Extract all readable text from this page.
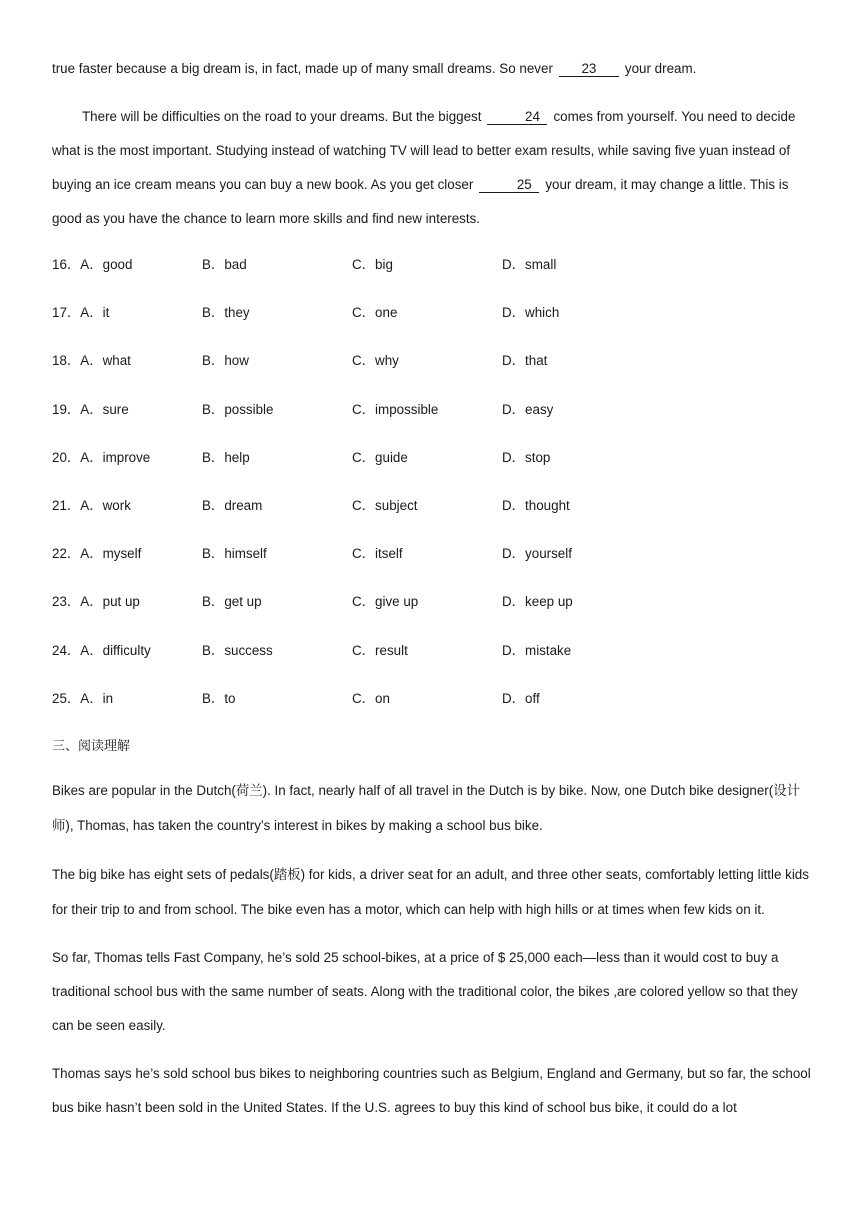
true faster because a big dream is, in fact, made up of many small dreams. So never 23 your dream.

There will be difficulties on the road to your dreams. But the biggest	24 comes from yourself. You need to decide what is the most important. Studying instead of watching TV will lead to better exam results, while saving five yuan instead of buying an ice cream means you can buy a new book. As you get closer	25 your dream, it may change a little. This is good as you have the chance to learn more skills and find new interests.

16．A．good	B．bad	C．big	D．small
17．A．it	B．they	C．one	D．which
18．A．what	B．how	C．why	D．that
19．A．sure	B．possible	C．impossible	D．easy
20．A．improve	B．help	C．guide	D．stop
21．A．work	B．dream	C．subject	D．thought
22．A．myself	B．himself	C．itself	D．yourself
23．A．put up	B．get up	C．give up	D．keep up
24．A．difficulty	B．success	C．result	D．mistake
25．A．in	B．to	C．on	D．off
三、阅读理解

Bikes are popular in the Dutch(荷兰). In fact, nearly half of all travel in the Dutch is by bike. Now, one Dutch bike designer(设计师), Thomas, has taken the country’s interest in bikes by making a school bus bike.

The big bike has eight sets of pedals(踏板) for kids, a driver seat for an adult, and three other seats, comfortably letting little kids for their trip to and from school. The bike even has a motor, which can help with high hills or at times when few kids on it.

So far, Thomas tells Fast Company, he’s sold 25 school-bikes, at a price of $ 25,000 each—less than it would cost to buy a traditional school bus with the same number of seats. Along with the traditional color, the bikes ,are colored yellow so that they can be seen easily.

Thomas says he’s sold school bus bikes to neighboring countries such as Belgium, England and Germany, but so far, the school bus bike hasn’t been sold in the United States. If the U.S. agrees to buy this kind of school bus bike, it could do a lot
